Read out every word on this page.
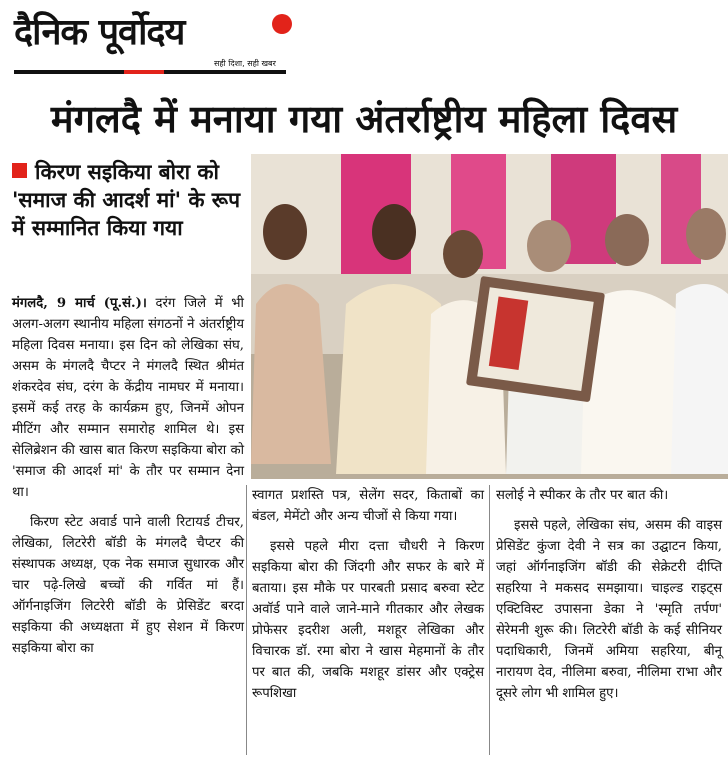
दैनिक पूर्वोदय
सही दिशा, सही खबर
मंगलदै में मनाया गया अंतर्राष्ट्रीय महिला दिवस
किरण सइकिया बोरा को 'समाज की आदर्श मां' के रूप में सम्मानित किया गया

मंगलदै, 9 मार्च (पू.सं.)। दरंग जिले में भी अलग-अलग स्थानीय महिला संगठनों ने अंतर्राष्ट्रीय महिला दिवस मनाया। इस दिन को लेखिका संघ, असम के मंगलदै चैप्टर ने मंगलदै स्थित श्रीमंत शंकरदेव संघ, दरंग के केंद्रीय नामघर में मनाया। इसमें कई तरह के कार्यक्रम हुए, जिनमें ओपन मीटिंग और सम्मान समारोह शामिल थे। इस सेलिब्रेशन की खास बात किरण सइकिया बोरा को 'समाज की आदर्श मां' के तौर पर सम्मान देना था।

किरण स्टेट अवार्ड पाने वाली रिटायर्ड टीचर, लेखिका, लिटरेरी बॉडी के मंगलदै चैप्टर की संस्थापक अध्यक्ष, एक नेक समाज सुधारक और चार पढ़े-लिखे बच्चों की गर्वित मां हैं। ऑर्गनाइजिंग लिटरेरी बॉडी के प्रेसिडेंट बरदा सइकिया की अध्यक्षता में हुए सेशन में किरण सइकिया बोरा का

स्वागत प्रशस्ति पत्र, सेलेंग सदर, किताबों का बंडल, मेमेंटो और अन्य चीजों से किया गया।

इससे पहले मीरा दत्ता चौधरी ने किरण सइकिया बोरा की जिंदगी और सफर के बारे में बताया। इस मौके पर पारबती प्रसाद बरुवा स्टेट अवॉर्ड पाने वाले जाने-माने गीतकार और लेखक प्रोफेसर इदरीश अली, मशहूर लेखिका और विचारक डॉ. रमा बोरा ने खास मेहमानों के तौर पर बात की, जबकि मशहूर डांसर और एक्ट्रेस रूपशिखा

सलोई ने स्पीकर के तौर पर बात की।

इससे पहले, लेखिका संघ, असम की वाइस प्रेसिडेंट कुंजा देवी ने सत्र का उद्घाटन किया, जहां ऑर्गनाइजिंग बॉडी की सेक्रेटरी दीप्ति सहरिया ने मकसद समझाया। चाइल्ड राइट्स एक्टिविस्ट उपासना डेका ने 'स्मृति तर्पण' सेरेमनी शुरू की। लिटरेरी बॉडी के कई सीनियर पदाधिकारी, जिनमें अमिया सहरिया, बीनू नारायण देव, नीलिमा बरुवा, नीलिमा राभा और दूसरे लोग भी शामिल हुए।
